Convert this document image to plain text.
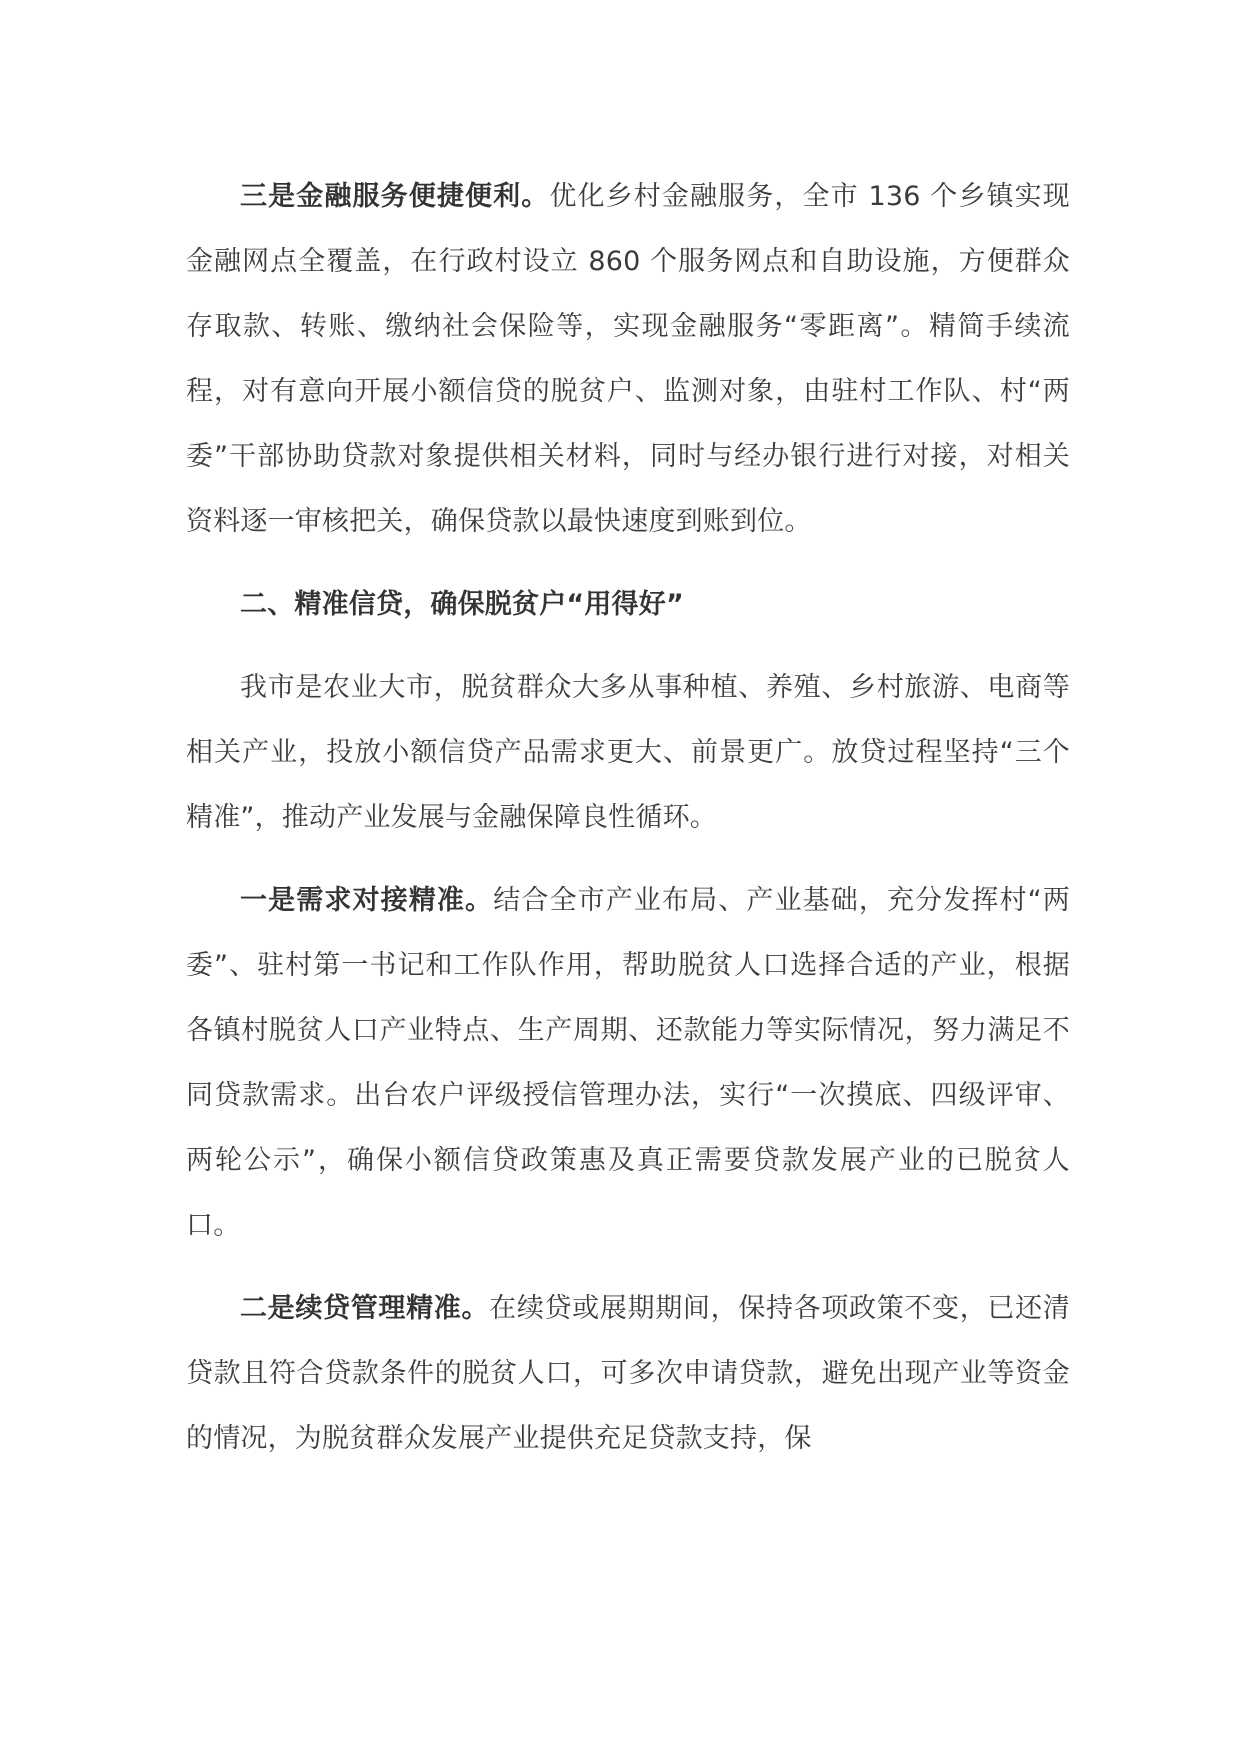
三是金融服务便捷便利。优化乡村金融服务，全市 136 个乡镇实现金融网点全覆盖，在行政村设立 860 个服务网点和自助设施，方便群众存取款、转账、缴纳社会保险等，实现金融服务“零距离”。精简手续流程，对有意向开展小额信贷的脱贫户、监测对象，由驻村工作队、村“两委”干部协助贷款对象提供相关材料，同时与经办银行进行对接，对相关资料逐一审核把关，确保贷款以最快速度到账到位。

二、精准信贷，确保脱贫户“用得好”

我市是农业大市，脱贫群众大多从事种植、养殖、乡村旅游、电商等相关产业，投放小额信贷产品需求更大、前景更广。放贷过程坚持“三个精准”，推动产业发展与金融保障良性循环。

一是需求对接精准。结合全市产业布局、产业基础，充分发挥村“两委”、驻村第一书记和工作队作用，帮助脱贫人口选择合适的产业，根据各镇村脱贫人口产业特点、生产周期、还款能力等实际情况，努力满足不同贷款需求。出台农户评级授信管理办法，实行“一次摸底、四级评审、两轮公示”，确保小额信贷政策惠及真正需要贷款发展产业的已脱贫人口。

二是续贷管理精准。在续贷或展期期间，保持各项政策不变，已还清贷款且符合贷款条件的脱贫人口，可多次申请贷款，避免出现产业等资金的情况，为脱贫群众发展产业提供充足贷款支持，保
